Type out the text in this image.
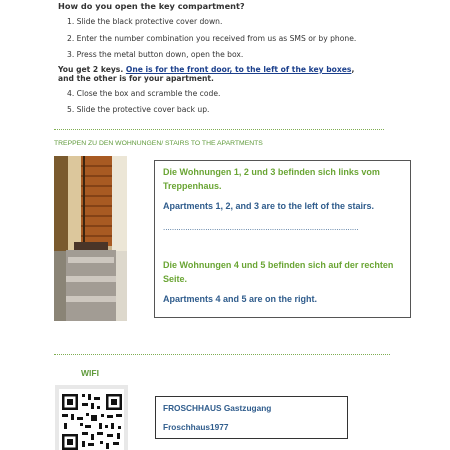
How do you open the key compartment?
1. Slide the black protective cover down.
2. Enter the number combination you received from us as SMS or by phone.
3. Press the metal button down, open the box.
You get 2 keys. One is for the front door, to the left of the key boxes,
and the other is for your apartment.
4. Close the box and scramble the code.
5. Slide the protective cover back up.
TREPPEN ZU DEN WOHNUNGEN/ STAIRS TO THE APARTMENTS
Die Wohnungen 1, 2 und 3 befinden sich links vom Treppenhaus.
Apartments 1, 2, and 3 are to the left of the stairs.
........................................................................................
Die Wohnungen 4 und 5 befinden sich auf der rechten Seite.
Apartments 4 and 5 are on the right.
WIFI
FROSCHHAUS Gastzugang
Froschhaus1977
